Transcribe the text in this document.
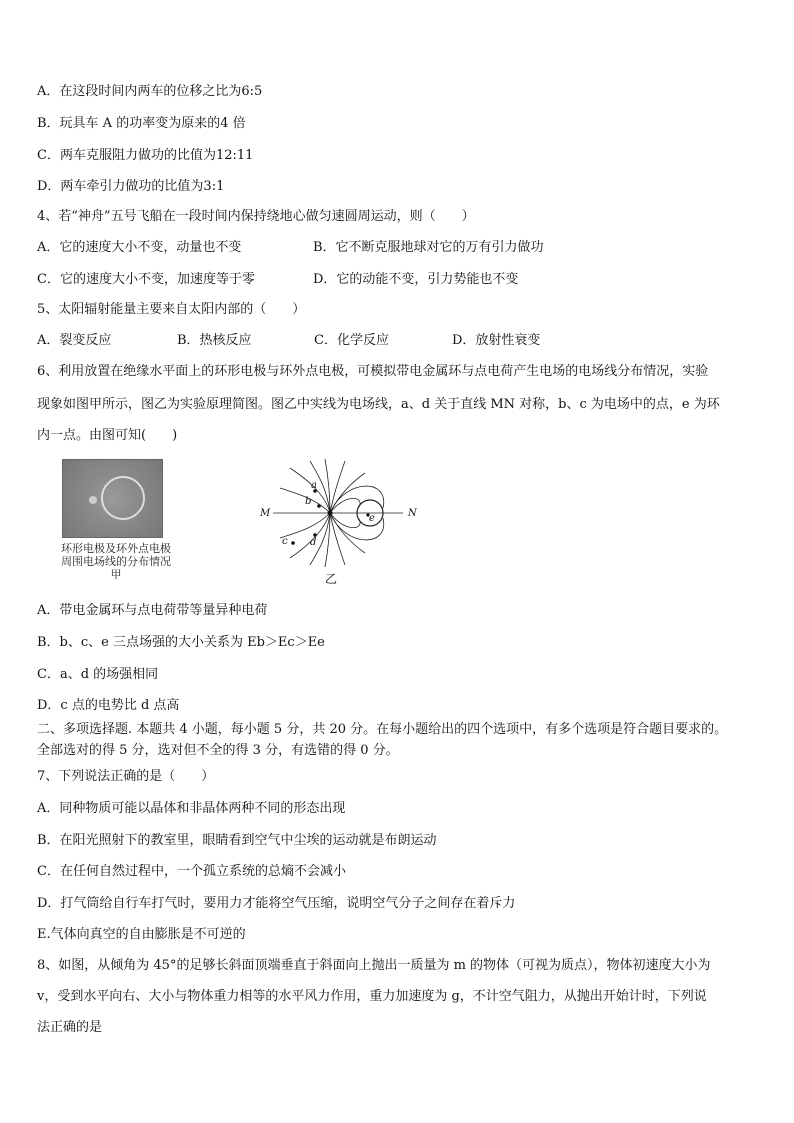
A．在这段时间内两车的位移之比为6:5
B．玩具车 A 的功率变为原来的4 倍
C．两车克服阻力做功的比值为12:11
D．两车牵引力做功的比值为3:1
4、若“神舟”五号飞船在一段时间内保持绕地心做匀速圆周运动，则（　　）
A．它的速度大小不变，动量也不变	B．它不断克服地球对它的万有引力做功
C．它的速度大小不变，加速度等于零	D．它的动能不变，引力势能也不变
5、太阳辐射能量主要来自太阳内部的（　　）
A．裂变反应	B．热核反应	C．化学反应	D．放射性衰变
6、利用放置在绝缘水平面上的环形电极与环外点电极，可模拟带电金属环与点电荷产生电场的电场线分布情况，实验
现象如图甲所示，图乙为实验原理简图。图乙中实线为电场线，a、d 关于直线 MN 对称，b、c 为电场中的点，e 为环
内一点。由图可知(　　)
环形电极及环外点电极
周围电场线的分布情况
甲
M	N
a
b
c d
e
乙
A．带电金属环与点电荷带等量异种电荷
B．b、c、e 三点场强的大小关系为 Eb＞Ec＞Ee
C．a、d 的场强相同
D．c 点的电势比 d 点高
二、多项选择题. 本题共 4 小题，每小题 5 分，共 20 分。在每小题给出的四个选项中，有多个选项是符合题目要求的。
全部选对的得 5 分，选对但不全的得 3 分，有选错的得 0 分。
7、下列说法正确的是（　　）
A．同种物质可能以晶体和非晶体两种不同的形态出现
B．在阳光照射下的教室里，眼睛看到空气中尘埃的运动就是布朗运动
C．在任何自然过程中，一个孤立系统的总熵不会减小
D．打气筒给自行车打气时，要用力才能将空气压缩，说明空气分子之间存在着斥力
E.气体向真空的自由膨胀是不可逆的
8、如图，从倾角为 45°的足够长斜面顶端垂直于斜面向上抛出一质量为 m 的物体（可视为质点），物体初速度大小为
v，受到水平向右、大小与物体重力相等的水平风力作用，重力加速度为 g，不计空气阻力，从抛出开始计时，下列说
法正确的是
